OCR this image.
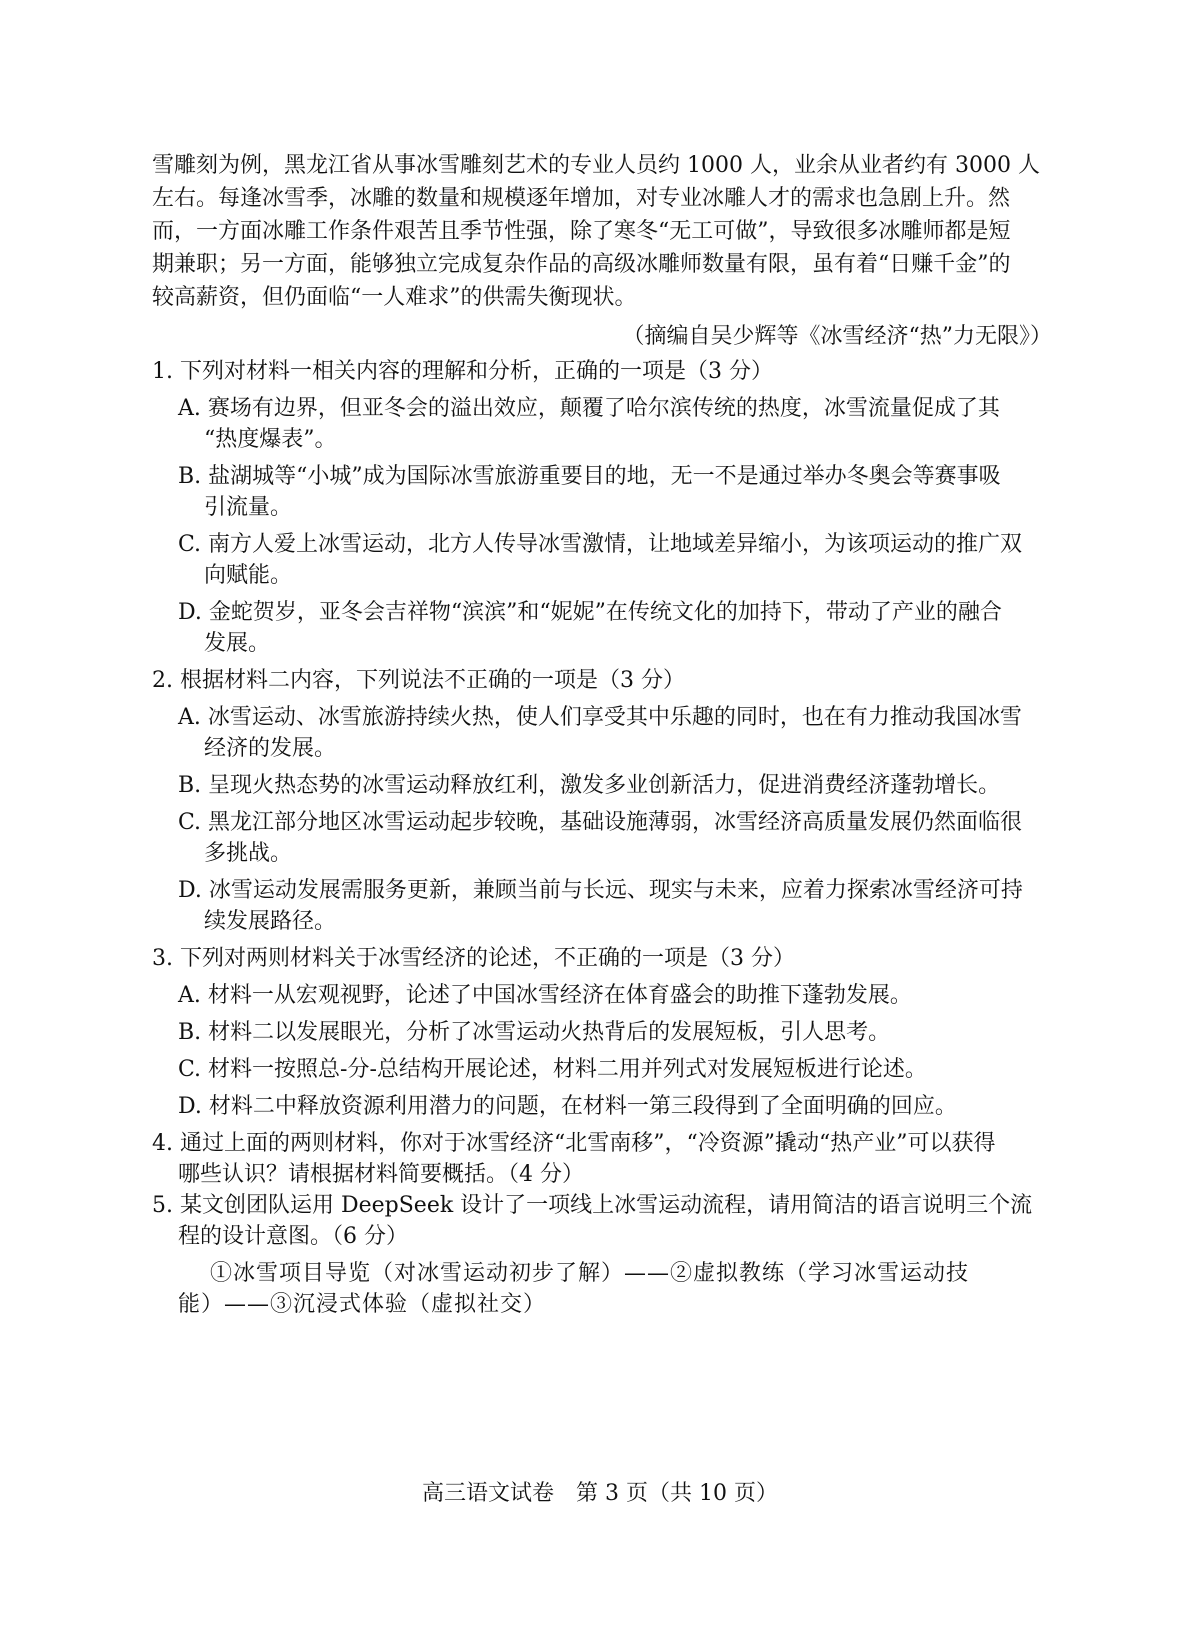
雪雕刻为例，黑龙江省从事冰雪雕刻艺术的专业人员约 1000 人，业余从业者约有 3000 人
左右。每逢冰雪季，冰雕的数量和规模逐年增加，对专业冰雕人才的需求也急剧上升。然
而，一方面冰雕工作条件艰苦且季节性强，除了寒冬“无工可做”，导致很多冰雕师都是短
期兼职；另一方面，能够独立完成复杂作品的高级冰雕师数量有限，虽有着“日赚千金”的
较高薪资，但仍面临“一人难求”的供需失衡现状。
（摘编自吴少辉等《冰雪经济“热”力无限》）
1. 下列对材料一相关内容的理解和分析，正确的一项是（3 分）
A. 赛场有边界，但亚冬会的溢出效应，颠覆了哈尔滨传统的热度，冰雪流量促成了其
“热度爆表”。
B. 盐湖城等“小城”成为国际冰雪旅游重要目的地，无一不是通过举办冬奥会等赛事吸
引流量。
C. 南方人爱上冰雪运动，北方人传导冰雪激情，让地域差异缩小，为该项运动的推广双
向赋能。
D. 金蛇贺岁，亚冬会吉祥物“滨滨”和“妮妮”在传统文化的加持下，带动了产业的融合
发展。
2. 根据材料二内容，下列说法不正确的一项是（3 分）
A. 冰雪运动、冰雪旅游持续火热，使人们享受其中乐趣的同时，也在有力推动我国冰雪
经济的发展。
B. 呈现火热态势的冰雪运动释放红利，激发多业创新活力，促进消费经济蓬勃增长。
C. 黑龙江部分地区冰雪运动起步较晚，基础设施薄弱，冰雪经济高质量发展仍然面临很
多挑战。
D. 冰雪运动发展需服务更新，兼顾当前与长远、现实与未来，应着力探索冰雪经济可持
续发展路径。
3. 下列对两则材料关于冰雪经济的论述，不正确的一项是（3 分）
A. 材料一从宏观视野，论述了中国冰雪经济在体育盛会的助推下蓬勃发展。
B. 材料二以发展眼光，分析了冰雪运动火热背后的发展短板，引人思考。
C. 材料一按照总-分-总结构开展论述，材料二用并列式对发展短板进行论述。
D. 材料二中释放资源利用潜力的问题，在材料一第三段得到了全面明确的回应。
4. 通过上面的两则材料，你对于冰雪经济“北雪南移”，“冷资源”撬动“热产业”可以获得
哪些认识？请根据材料简要概括。（4 分）
5. 某文创团队运用 DeepSeek 设计了一项线上冰雪运动流程，请用简洁的语言说明三个流
程的设计意图。（6 分）
①冰雪项目导览（对冰雪运动初步了解）——②虚拟教练（学习冰雪运动技
能）——③沉浸式体验（虚拟社交）
高三语文试卷　第 3 页（共 10 页）
